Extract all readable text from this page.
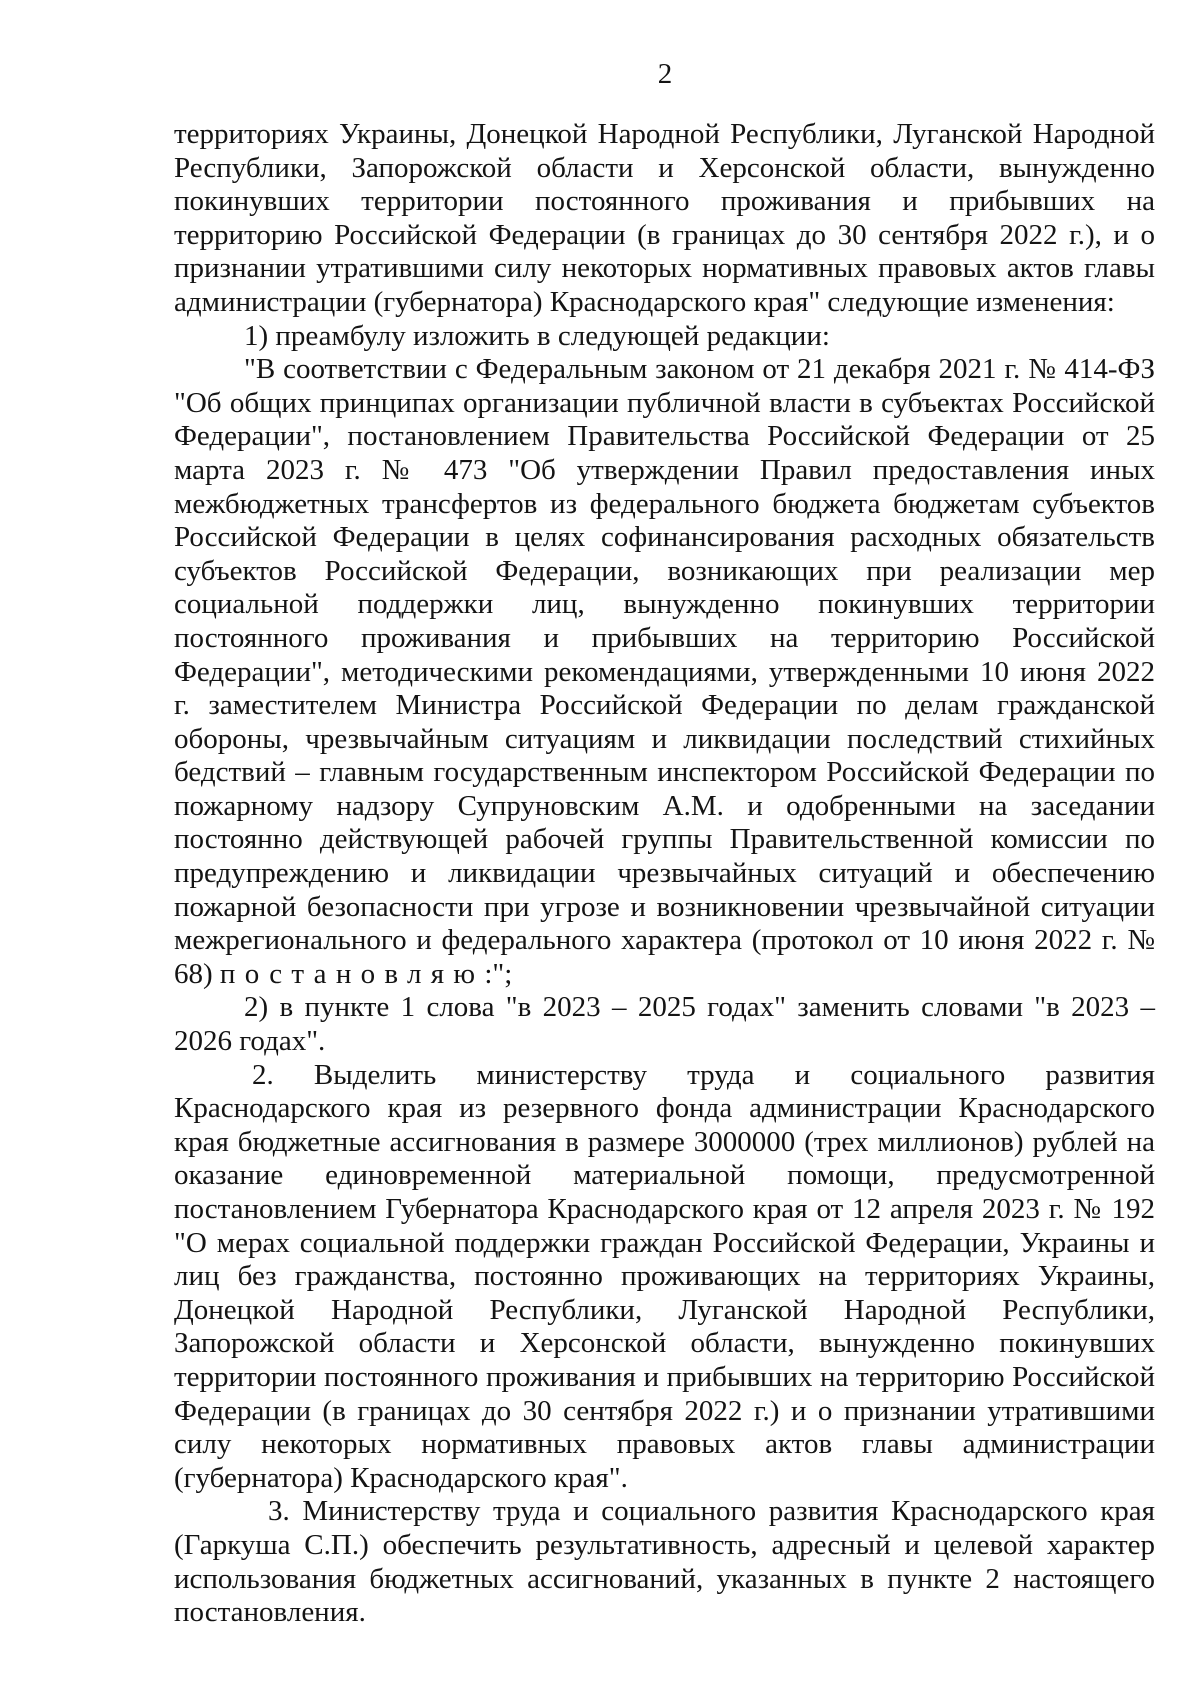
2

территориях Украины, Донецкой Народной Республики, Луганской Народной Республики, Запорожской области и Херсонской области, вынужденно покинувших территории постоянного проживания и прибывших на территорию Российской Федерации (в границах до 30 сентября 2022 г.), и о признании утратившими силу некоторых нормативных правовых актов главы администрации (губернатора) Краснодарского края" следующие изменения:

1) преамбулу изложить в следующей редакции:

"В соответствии с Федеральным законом от 21 декабря 2021 г. № 414-ФЗ "Об общих принципах организации публичной власти в субъектах Российской Федерации", постановлением Правительства Российской Федерации от 25 марта 2023 г. № 473 "Об утверждении Правил предоставления иных межбюджетных трансфертов из федерального бюджета бюджетам субъектов Российской Федерации в целях софинансирования расходных обязательств субъектов Российской Федерации, возникающих при реализации мер социальной поддержки лиц, вынужденно покинувших территории постоянного проживания и прибывших на территорию Российской Федерации", методическими рекомендациями, утвержденными 10 июня 2022 г. заместителем Министра Российской Федерации по делам гражданской обороны, чрезвычайным ситуациям и ликвидации последствий стихийных бедствий – главным государственным инспектором Российской Федерации по пожарному надзору Супруновским А.М. и одобренными на заседании постоянно действующей рабочей группы Правительственной комиссии по предупреждению и ликвидации чрезвычайных ситуаций и обеспечению пожарной безопасности при угрозе и возникновении чрезвычайной ситуации межрегионального и федерального характера (протокол от 10 июня 2022 г. № 68) постановляю:";

2) в пункте 1 слова "в 2023 – 2025 годах" заменить словами "в 2023 – 2026 годах".

2. Выделить министерству труда и социального развития Краснодарского края из резервного фонда администрации Краснодарского края бюджетные ассигнования в размере 3000000 (трех миллионов) рублей на оказание единовременной материальной помощи, предусмотренной постановлением Губернатора Краснодарского края от 12 апреля 2023 г. № 192 "О мерах социальной поддержки граждан Российской Федерации, Украины и лиц без гражданства, постоянно проживающих на территориях Украины, Донецкой Народной Республики, Луганской Народной Республики, Запорожской области и Херсонской области, вынужденно покинувших территории постоянного проживания и прибывших на территорию Российской Федерации (в границах до 30 сентября 2022 г.) и о признании утратившими силу некоторых нормативных правовых актов главы администрации (губернатора) Краснодарского края".

3. Министерству труда и социального развития Краснодарского края (Гаркуша С.П.) обеспечить результативность, адресный и целевой характер использования бюджетных ассигнований, указанных в пункте 2 настоящего постановления.
